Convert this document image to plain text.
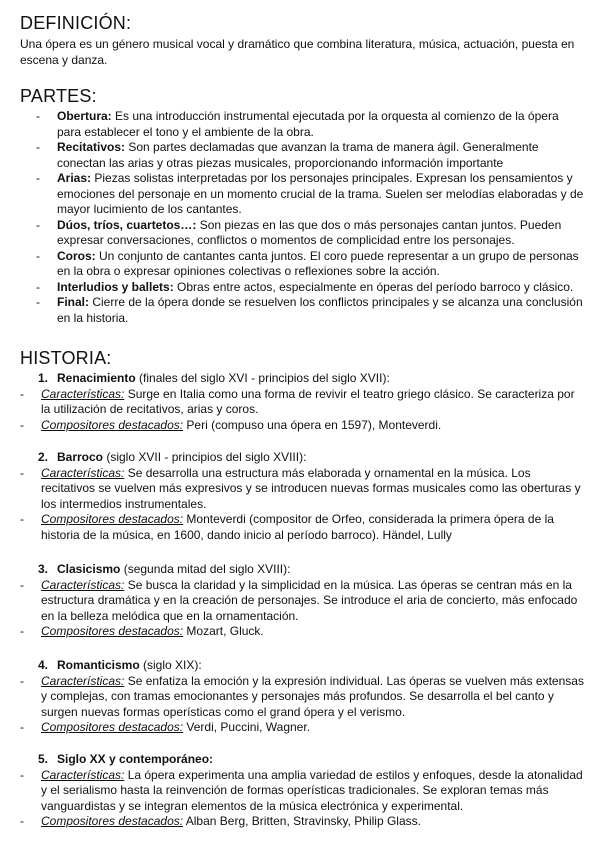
DEFINICIÓN:

Una ópera es un género musical vocal y dramático que combina literatura, música, actuación, puesta en escena y danza.

PARTES:
- Obertura: Es una introducción instrumental ejecutada por la orquesta al comienzo de la ópera para establecer el tono y el ambiente de la obra.
- Recitativos: Son partes declamadas que avanzan la trama de manera ágil. Generalmente conectan las arias y otras piezas musicales, proporcionando información importante
- Arias: Piezas solistas interpretadas por los personajes principales. Expresan los pensamientos y emociones del personaje en un momento crucial de la trama. Suelen ser melodías elaboradas y de mayor lucimiento de los cantantes.
- Dúos, tríos, cuartetos…: Son piezas en las que dos o más personajes cantan juntos. Pueden expresar conversaciones, conflictos o momentos de complicidad entre los personajes.
- Coros: Un conjunto de cantantes canta juntos. El coro puede representar a un grupo de personas en la obra o expresar opiniones colectivas o reflexiones sobre la acción.
- Interludios y ballets: Obras entre actos, especialmente en óperas del período barroco y clásico.
- Final: Cierre de la ópera donde se resuelven los conflictos principales y se alcanza una conclusión en la historia.
HISTORIA:
1. Renacimiento (finales del siglo XVI - principios del siglo XVII):
- Características: Surge en Italia como una forma de revivir el teatro griego clásico. Se caracteriza por la utilización de recitativos, arias y coros.
- Compositores destacados: Peri (compuso una ópera en 1597), Monteverdi.
2. Barroco (siglo XVII - principios del siglo XVIII):
- Características: Se desarrolla una estructura más elaborada y ornamental en la música. Los recitativos se vuelven más expresivos y se introducen nuevas formas musicales como las oberturas y los intermedios instrumentales.
- Compositores destacados: Monteverdi (compositor de Orfeo, considerada la primera ópera de la historia de la música, en 1600, dando inicio al período barroco). Händel, Lully
3. Clasicismo (segunda mitad del siglo XVIII):
- Características: Se busca la claridad y la simplicidad en la música. Las óperas se centran más en la estructura dramática y en la creación de personajes. Se introduce el aria de concierto, más enfocado en la belleza melódica que en la ornamentación.
- Compositores destacados: Mozart, Gluck.
4. Romanticismo (siglo XIX):
- Características: Se enfatiza la emoción y la expresión individual. Las óperas se vuelven más extensas y complejas, con tramas emocionantes y personajes más profundos. Se desarrolla el bel canto y surgen nuevas formas operísticas como el grand ópera y el verismo.
- Compositores destacados: Verdi, Puccini, Wagner.
5. Siglo XX y contemporáneo:
- Características: La ópera experimenta una amplia variedad de estilos y enfoques, desde la atonalidad y el serialismo hasta la reinvención de formas operísticas tradicionales. Se exploran temas más vanguardistas y se integran elementos de la música electrónica y experimental.
- Compositores destacados: Alban Berg, Britten, Stravinsky, Philip Glass.
